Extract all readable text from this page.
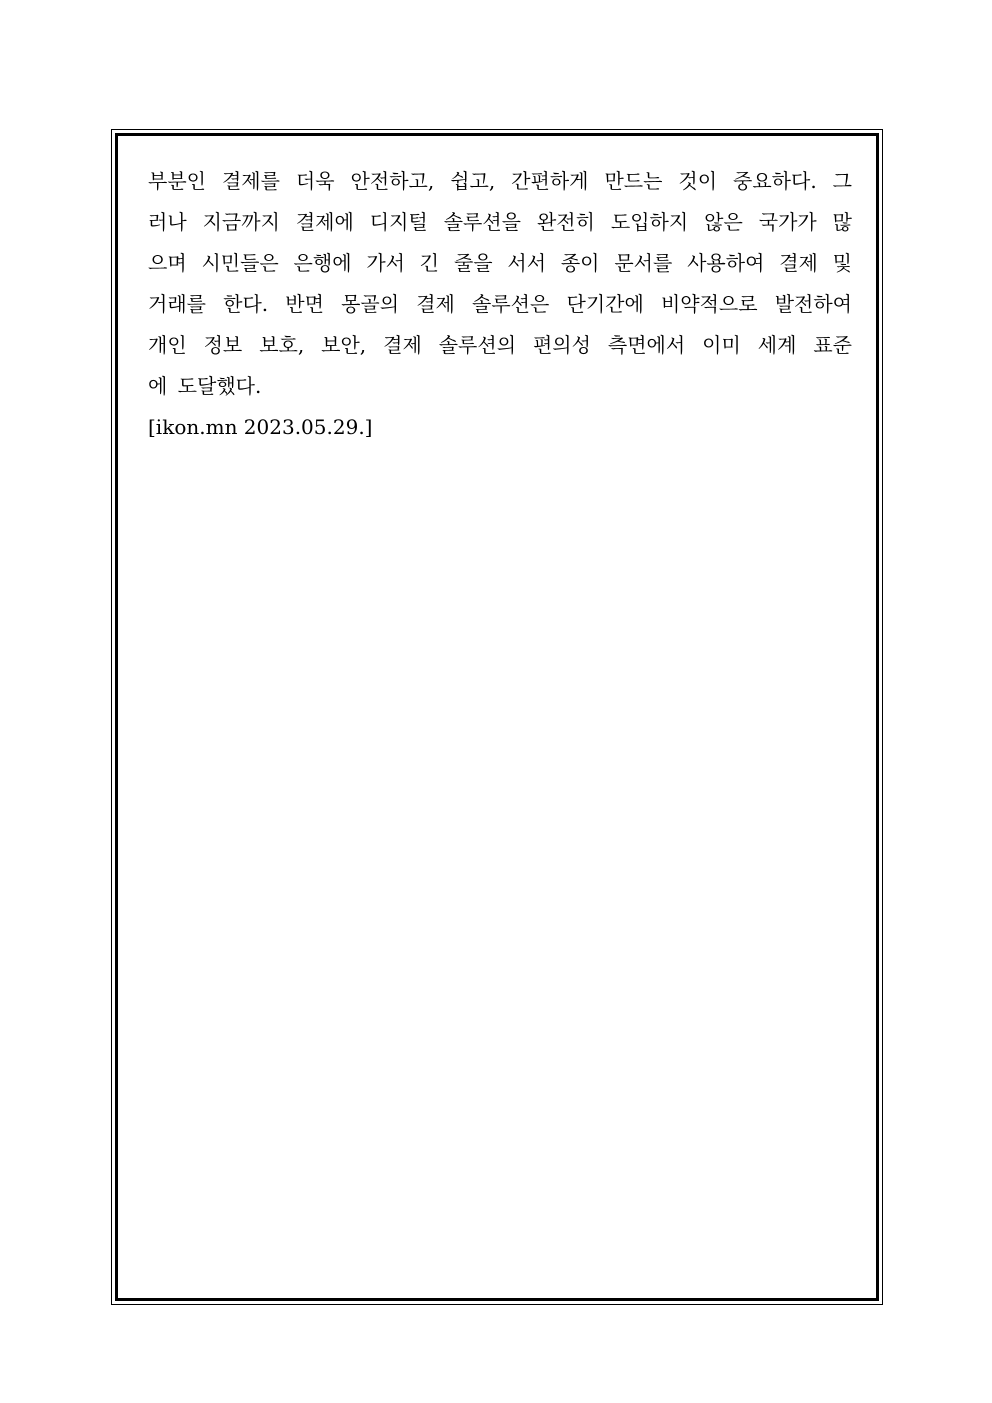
부분인 결제를 더욱 안전하고, 쉽고, 간편하게 만드는 것이 중요하다. 그
러나 지금까지 결제에 디지털 솔루션을 완전히 도입하지 않은 국가가 많
으며 시민들은 은행에 가서 긴 줄을 서서 종이 문서를 사용하여 결제 및
거래를 한다. 반면 몽골의 결제 솔루션은 단기간에 비약적으로 발전하여
개인 정보 보호, 보안, 결제 솔루션의 편의성 측면에서 이미 세계 표준
에 도달했다.
[ikon.mn 2023.05.29.]
